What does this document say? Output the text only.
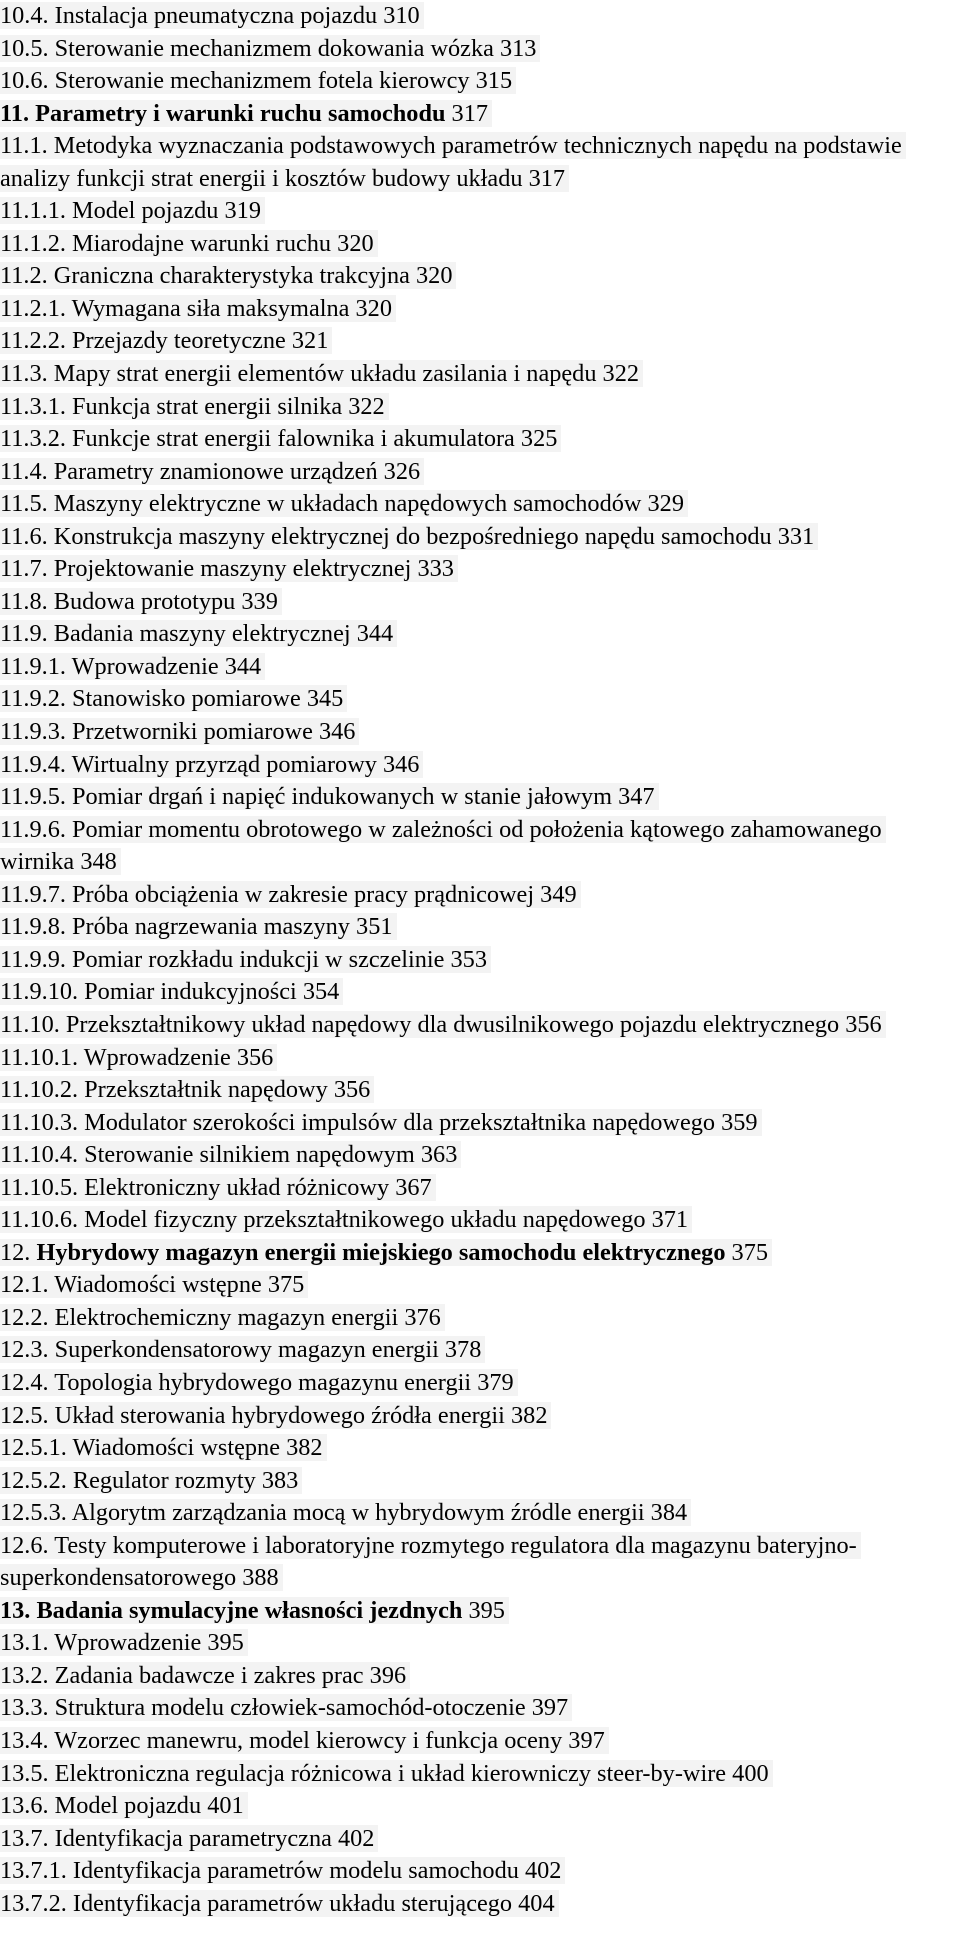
10.4. Instalacja pneumatyczna pojazdu 310
10.5. Sterowanie mechanizmem dokowania wózka 313
10.6. Sterowanie mechanizmem fotela kierowcy 315
11. Parametry i warunki ruchu samochodu 317
11.1. Metodyka wyznaczania podstawowych parametrów technicznych napędu na podstawie analizy funkcji strat energii i kosztów budowy układu 317
11.1.1. Model pojazdu 319
11.1.2. Miarodajne warunki ruchu 320
11.2. Graniczna charakterystyka trakcyjna 320
11.2.1. Wymagana siła maksymalna 320
11.2.2. Przejazdy teoretyczne 321
11.3. Mapy strat energii elementów układu zasilania i napędu 322
11.3.1. Funkcja strat energii silnika 322
11.3.2. Funkcje strat energii falownika i akumulatora 325
11.4. Parametry znamionowe urządzeń 326
11.5. Maszyny elektryczne w układach napędowych samochodów 329
11.6. Konstrukcja maszyny elektrycznej do bezpośredniego napędu samochodu 331
11.7. Projektowanie maszyny elektrycznej 333
11.8. Budowa prototypu 339
11.9. Badania maszyny elektrycznej 344
11.9.1. Wprowadzenie 344
11.9.2. Stanowisko pomiarowe 345
11.9.3. Przetworniki pomiarowe 346
11.9.4. Wirtualny przyrząd pomiarowy 346
11.9.5. Pomiar drgań i napięć indukowanych w stanie jałowym 347
11.9.6. Pomiar momentu obrotowego w zależności od położenia kątowego zahamowanego wirnika 348
11.9.7. Próba obciążenia w zakresie pracy prądnicowej 349
11.9.8. Próba nagrzewania maszyny 351
11.9.9. Pomiar rozkładu indukcji w szczelinie 353
11.9.10. Pomiar indukcyjności 354
11.10. Przekształtnikowy układ napędowy dla dwusilnikowego pojazdu elektrycznego 356
11.10.1. Wprowadzenie 356
11.10.2. Przekształtnik napędowy 356
11.10.3. Modulator szerokości impulsów dla przekształtnika napędowego 359
11.10.4. Sterowanie silnikiem napędowym 363
11.10.5. Elektroniczny układ różnicowy 367
11.10.6. Model fizyczny przekształtnikowego układu napędowego 371
12. Hybrydowy magazyn energii miejskiego samochodu elektrycznego 375
12.1. Wiadomości wstępne 375
12.2. Elektrochemiczny magazyn energii 376
12.3. Superkondensatorowy magazyn energii 378
12.4. Topologia hybrydowego magazynu energii 379
12.5. Układ sterowania hybrydowego źródła energii 382
12.5.1. Wiadomości wstępne 382
12.5.2. Regulator rozmyty 383
12.5.3. Algorytm zarządzania mocą w hybrydowym źródle energii 384
12.6. Testy komputerowe i laboratoryjne rozmytego regulatora dla magazynu bateryjno-superkondensatorowego 388
13. Badania symulacyjne własności jezdnych 395
13.1. Wprowadzenie 395
13.2. Zadania badawcze i zakres prac 396
13.3. Struktura modelu człowiek-samochód-otoczenie 397
13.4. Wzorzec manewru, model kierowcy i funkcja oceny 397
13.5. Elektroniczna regulacja różnicowa i układ kierowniczy steer-by-wire 400
13.6. Model pojazdu 401
13.7. Identyfikacja parametryczna 402
13.7.1. Identyfikacja parametrów modelu samochodu 402
13.7.2. Identyfikacja parametrów układu sterującego 404
